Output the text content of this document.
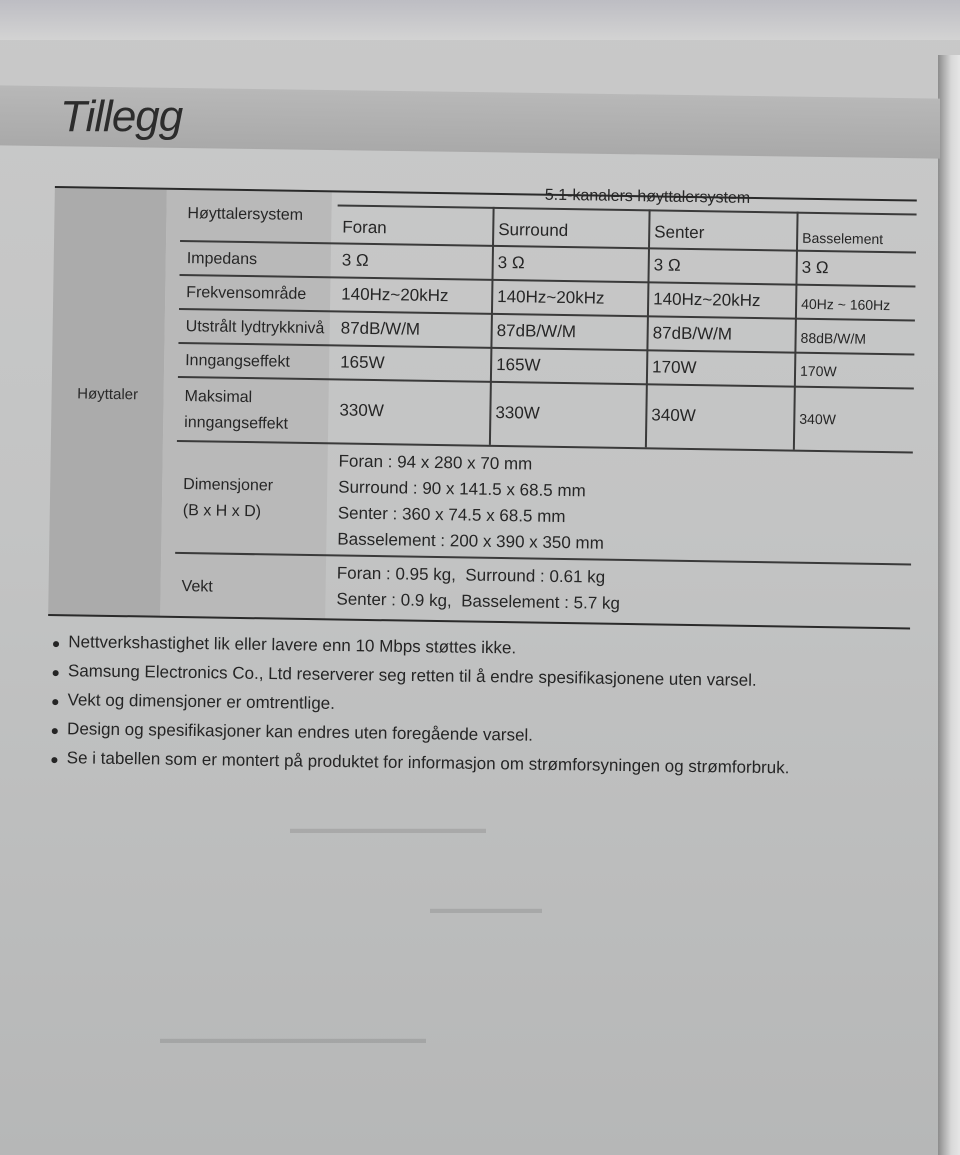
Tillegg
▬▬▬▬▬▬▬▬▬▬▬▬▬▬
▬▬▬▬▬▬▬▬
▬▬▬▬▬▬▬▬▬▬▬▬▬▬▬▬▬▬▬
Høyttaler
Høyttalersystem
5.1-kanalers høyttalersystem
Foran	Surround	Senter	Basselement
Impedans	3 Ω	3 Ω	3 Ω	3 Ω
Frekvensområde 140Hz~20kHz	140Hz~20kHz	140Hz~20kHz	40Hz ~ 160Hz
Utstrålt lydtrykknivå 87dB/W/M	87dB/W/M	87dB/W/M	88dB/W/M
Inngangseffekt	165W	165W	170W	170W
Maksimal
inngangseffekt
330W	330W	340W	340W
Dimensjoner
(B x H x D)
Foran : 94 x 280 x 70 mm
Surround : 90 x 141.5 x 68.5 mm
Senter : 360 x 74.5 x 68.5 mm
Basselement : 200 x 390 x 350 mm
Vekt
Foran : 0.95 kg,  Surround : 0.61 kg
Senter : 0.9 kg,  Basselement : 5.7 kg
● Nettverkshastighet lik eller lavere enn 10 Mbps støttes ikke.
● Samsung Electronics Co., Ltd reserverer seg retten til å endre spesifikasjonene uten varsel.
● Vekt og dimensjoner er omtrentlige.
● Design og spesifikasjoner kan endres uten foregående varsel.
● Se i tabellen som er montert på produktet for informasjon om strømforsyningen og strømforbruk.
